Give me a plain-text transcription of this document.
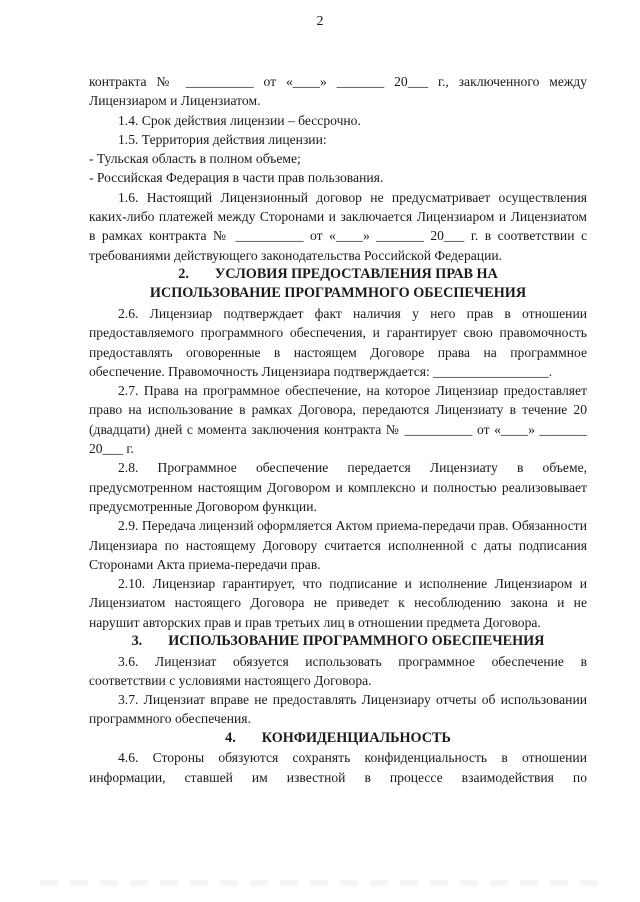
2

контракта № __________ от «____» _______ 20___ г., заключенного между Лицензиаром и Лицензиатом.

1.4. Срок действия лицензии – бессрочно.

1.5. Территория действия лицензии:

- Тульская область в полном объеме;

- Российская Федерация в части прав пользования.

1.6. Настоящий Лицензионный договор не предусматривает осуществления каких-либо платежей между Сторонами и заключается Лицензиаром и Лицензиатом в рамках контракта № __________ от «____» _______ 20___ г. в соответствии с требованиями действующего законодательства Российской Федерации.

2. УСЛОВИЯ ПРЕДОСТАВЛЕНИЯ ПРАВ НА

ИСПОЛЬЗОВАНИЕ ПРОГРАММНОГО ОБЕСПЕЧЕНИЯ

2.6. Лицензиар подтверждает факт наличия у него прав в отношении предоставляемого программного обеспечения, и гарантирует свою правомочность предоставлять оговоренные в настоящем Договоре права на программное обеспечение. Правомочность Лицензиара подтверждается: _________________.

2.7. Права на программное обеспечение, на которое Лицензиар предоставляет право на использование в рамках Договора, передаются Лицензиату в течение 20 (двадцати) дней с момента заключения контракта № __________ от «____» _______ 20___ г.

2.8. Программное обеспечение передается Лицензиату в объеме, предусмотренном настоящим Договором и комплексно и полностью реализовывает предусмотренные Договором функции.

2.9. Передача лицензий оформляется Актом приема-передачи прав. Обязанности Лицензиара по настоящему Договору считается исполненной с даты подписания Сторонами Акта приема-передачи прав.

2.10. Лицензиар гарантирует, что подписание и исполнение Лицензиаром и Лицензиатом настоящего Договора не приведет к несоблюдению закона и не нарушит авторских прав и прав третьих лиц в отношении предмета Договора.

3. ИСПОЛЬЗОВАНИЕ ПРОГРАММНОГО ОБЕСПЕЧЕНИЯ

3.6. Лицензиат обязуется использовать программное обеспечение в соответствии с условиями настоящего Договора.

3.7. Лицензиат вправе не предоставлять Лицензиару отчеты об использовании программного обеспечения.

4. КОНФИДЕНЦИАЛЬНОСТЬ

4.6. Стороны обязуются сохранять конфиденциальность в отношении информации, ставшей им известной в процессе взаимодействия по
